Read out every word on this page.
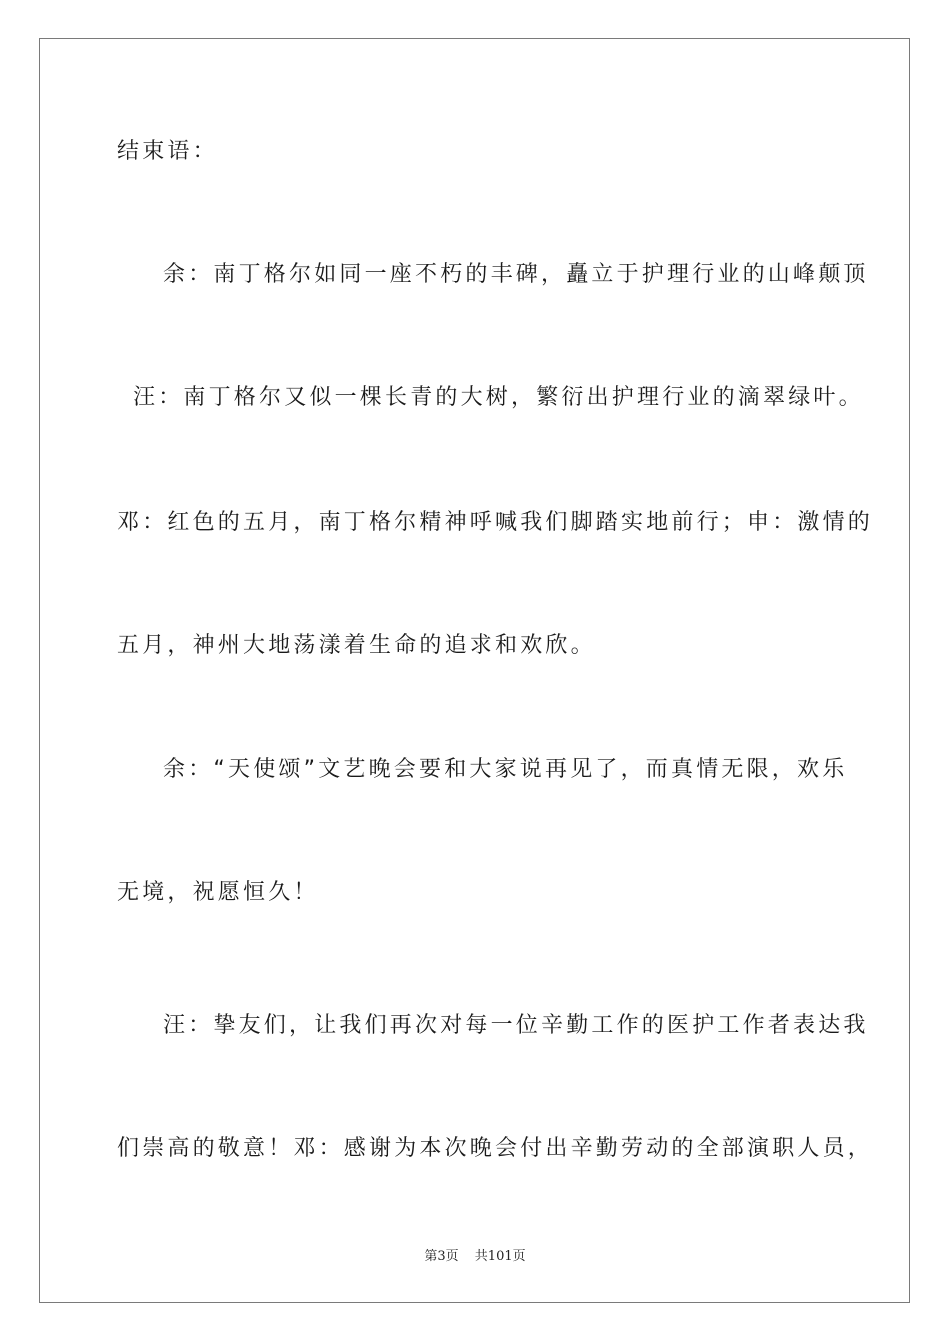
结束语：

余：南丁格尔如同一座不朽的丰碑，矗立于护理行业的山峰颠顶

汪：南丁格尔又似一棵长青的大树，繁衍出护理行业的滴翠绿叶。

邓：红色的五月，南丁格尔精神呼喊我们脚踏实地前行；申：激情的

五月，神州大地荡漾着生命的追求和欢欣。

余：“天使颂”文艺晚会要和大家说再见了，而真情无限，欢乐

无境，祝愿恒久！

汪：挚友们，让我们再次对每一位辛勤工作的医护工作者表达我

们崇高的敬意！邓：感谢为本次晚会付出辛勤劳动的全部演职人员，

第3页 共101页
